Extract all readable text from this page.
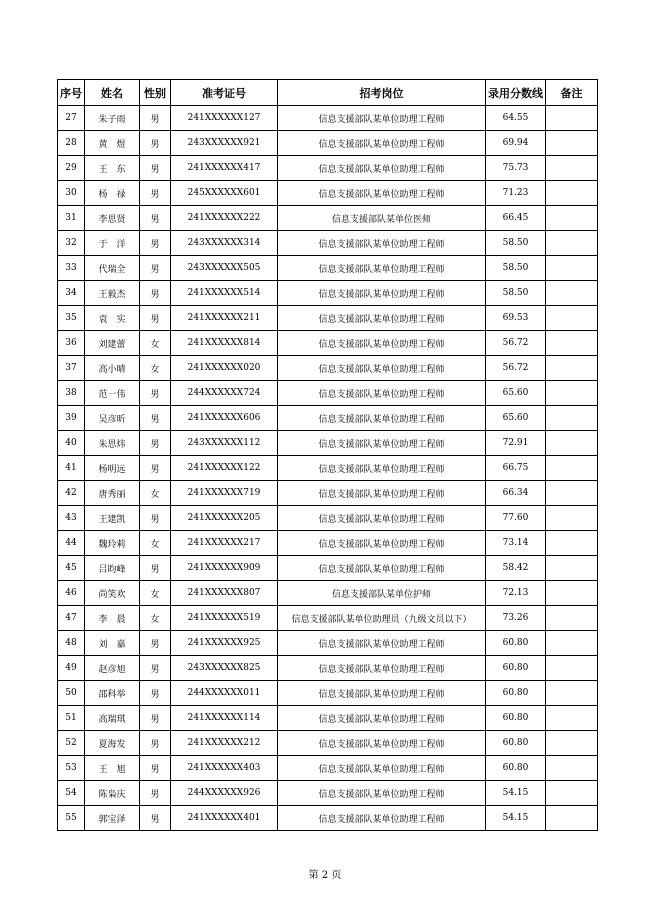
序号	姓名	性别	准考证号	招考岗位	录用分数线	备注
27	朱子雨	男	241XXXXXX127	信息支援部队某单位助理工程师	64.55	
28	黄　煜	男	243XXXXXX921	信息支援部队某单位助理工程师	69.94	
29	王　东	男	241XXXXXX417	信息支援部队某单位助理工程师	75.73	
30	杨　禄	男	245XXXXXX601	信息支援部队某单位助理工程师	71.23	
31	李思贤	男	241XXXXXX222	信息支援部队某单位医师	66.45	
32	于　洋	男	243XXXXXX314	信息支援部队某单位助理工程师	58.50	
33	代瑞全	男	243XXXXXX505	信息支援部队某单位助理工程师	58.50	
34	王毅杰	男	241XXXXXX514	信息支援部队某单位助理工程师	58.50	
35	袁　实	男	241XXXXXX211	信息支援部队某单位助理工程师	69.53	
36	刘建蕾	女	241XXXXXX814	信息支援部队某单位助理工程师	56.72	
37	高小晴	女	241XXXXXX020	信息支援部队某单位助理工程师	56.72	
38	范一伟	男	244XXXXXX724	信息支援部队某单位助理工程师	65.60	
39	吴彦昕	男	241XXXXXX606	信息支援部队某单位助理工程师	65.60	
40	朱思炜	男	243XXXXXX112	信息支援部队某单位助理工程师	72.91	
41	杨明远	男	241XXXXXX122	信息支援部队某单位助理工程师	66.75	
42	唐秀丽	女	241XXXXXX719	信息支援部队某单位助理工程师	66.34	
43	王建凯	男	241XXXXXX205	信息支援部队某单位助理工程师	77.60	
44	魏玲莉	女	241XXXXXX217	信息支援部队某单位助理工程师	73.14	
45	吕昀峰	男	241XXXXXX909	信息支援部队某单位助理工程师	58.42	
46	尚笑欢	女	241XXXXXX807	信息支援部队某单位护师	72.13	
47	李　晨	女	241XXXXXX519	信息支援部队某单位助理员（九级文员以下）	73.26	
48	刘　嘉	男	241XXXXXX925	信息支援部队某单位助理工程师	60.80	
49	赵彦旭	男	243XXXXXX825	信息支援部队某单位助理工程师	60.80	
50	邵科举	男	244XXXXXX011	信息支援部队某单位助理工程师	60.80	
51	高瑞琪	男	241XXXXXX114	信息支援部队某单位助理工程师	60.80	
52	夏海发	男	241XXXXXX212	信息支援部队某单位助理工程师	60.80	
53	王　旭	男	241XXXXXX403	信息支援部队某单位助理工程师	60.80	
54	陈枭庆	男	244XXXXXX926	信息支援部队某单位助理工程师	54.15	
55	郭宝泽	男	241XXXXXX401	信息支援部队某单位助理工程师	54.15	
第 2 页
